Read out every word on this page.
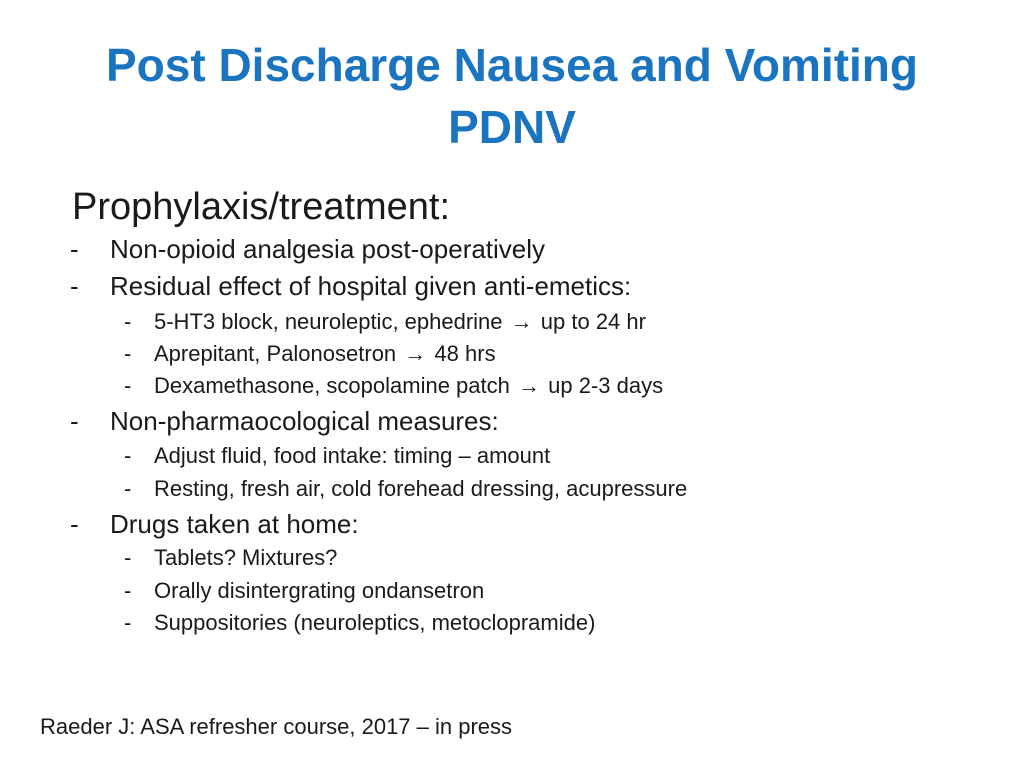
Post Discharge Nausea and Vomiting
PDNV
Prophylaxis/treatment:
- Non-opioid analgesia post-operatively
- Residual effect of hospital given anti-emetics:
- 5-HT3 block, neuroleptic, ephedrine → up to 24 hr
- Aprepitant, Palonosetron → 48 hrs
- Dexamethasone, scopolamine patch → up 2-3 days
- Non-pharmaocological measures:
- Adjust fluid, food intake: timing – amount
- Resting, fresh air, cold forehead dressing, acupressure
- Drugs taken at home:
- Tablets? Mixtures?
- Orally disintergrating ondansetron
- Suppositories (neuroleptics, metoclopramide)
Raeder J: ASA refresher course, 2017 – in press
